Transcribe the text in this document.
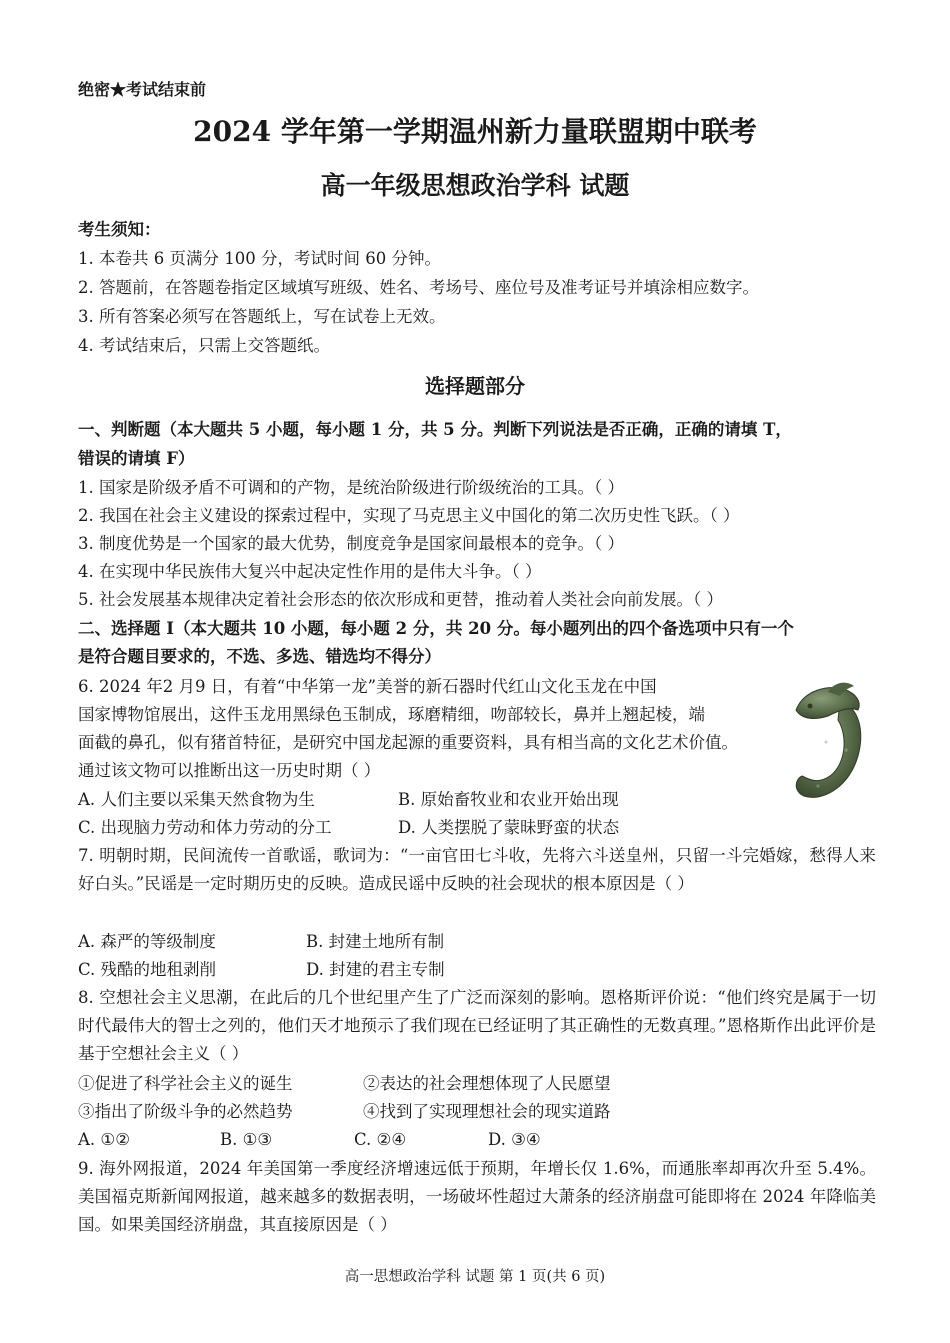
绝密★考试结束前
2024 学年第一学期温州新力量联盟期中联考
高一年级思想政治学科 试题
考生须知：
1. 本卷共 6 页满分 100 分，考试时间 60 分钟。
2. 答题前，在答题卷指定区域填写班级、姓名、考场号、座位号及准考证号并填涂相应数字。
3. 所有答案必须写在答题纸上，写在试卷上无效。
4. 考试结束后，只需上交答题纸。
选择题部分
一、判断题（本大题共 5 小题，每小题 1 分，共 5 分。判断下列说法是否正确，正确的请填 T，
错误的请填 F）
1. 国家是阶级矛盾不可调和的产物，是统治阶级进行阶级统治的工具。（ ）
2. 我国在社会主义建设的探索过程中，实现了马克思主义中国化的第二次历史性飞跃。（ ）
3. 制度优势是一个国家的最大优势，制度竞争是国家间最根本的竞争。（ ）
4. 在实现中华民族伟大复兴中起决定性作用的是伟大斗争。（ ）
5. 社会发展基本规律决定着社会形态的依次形成和更替，推动着人类社会向前发展。（ ）
二、选择题 I（本大题共 10 小题，每小题 2 分，共 20 分。每小题列出的四个备选项中只有一个
是符合题目要求的，不选、多选、错选均不得分）
6. 2024 年2 月9 日，有着“中华第一龙”美誉的新石器时代红山文化玉龙在中国
国家博物馆展出，这件玉龙用黑绿色玉制成，琢磨精细，吻部较长，鼻并上翘起棱，端
面截的鼻孔，似有猪首特征，是研究中国龙起源的重要资料，具有相当高的文化艺术价值。
通过该文物可以推断出这一历史时期（ ）
A. 人们主要以采集天然食物为生	B. 原始畜牧业和农业开始出现
C. 出现脑力劳动和体力劳动的分工	D. 人类摆脱了蒙昧野蛮的状态
7. 明朝时期，民间流传一首歌谣，歌词为：“一亩官田七斗收，先将六斗送皇州，只留一斗完婚嫁，愁得人来好白头。”民谣是一定时期历史的反映。造成民谣中反映的社会现状的根本原因是（ ）
A. 森严的等级制度	B. 封建土地所有制
C. 残酷的地租剥削	D. 封建的君主专制
8. 空想社会主义思潮，在此后的几个世纪里产生了广泛而深刻的影响。恩格斯评价说：“他们终究是属于一切时代最伟大的智士之列的，他们天才地预示了我们现在已经证明了其正确性的无数真理。”恩格斯作出此评价是基于空想社会主义（ ）
①促进了科学社会主义的诞生	②表达的社会理想体现了人民愿望
③指出了阶级斗争的必然趋势	④找到了实现理想社会的现实道路
A. ①②	B. ①③	C. ②④	D. ③④
9. 海外网报道，2024 年美国第一季度经济增速远低于预期，年增长仅 1.6%，而通胀率却再次升至 5.4%。美国福克斯新闻网报道，越来越多的数据表明，一场破坏性超过大萧条的经济崩盘可能即将在 2024 年降临美国。如果美国经济崩盘，其直接原因是（ ）
高一思想政治学科 试题 第 1 页(共 6 页)
